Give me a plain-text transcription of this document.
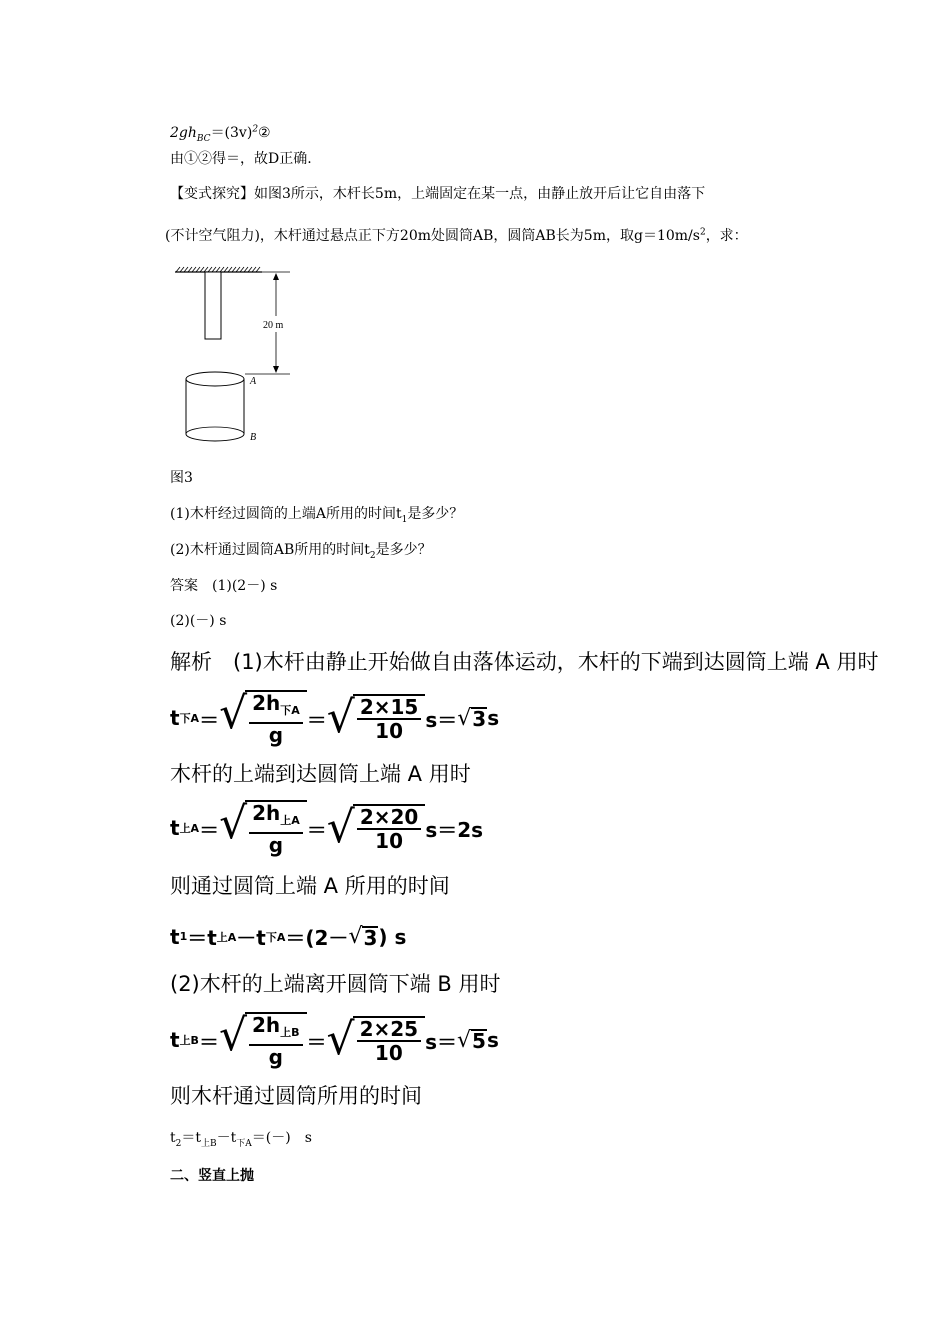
$2gh_{BC}=(3v)^2②$
由①②得＝，故D正确.
【变式探究】如图3所示，木杆长5m，上端固定在某一点，由静止放开后让它自由落下
(不计空气阻力)，木杆通过悬点正下方20m处圆筒AB，圆筒AB长为5m，取$g=10m/s^2$，求：
20 m
A
B
图3
(1)木杆经过圆筒的上端A所用的时间$t_1$是多少？
(2)木杆通过圆筒AB所用的时间$t_2$是多少？
答案　(1)(2－) s
(2)(－) s
解析　(1)木杆由静止开始做自由落体运动，木杆的下端到达圆筒上端 A 用时
t 下A ＝ √ $\frac{2h_{下A}}{g}$ ＝ √ $\frac{2\times 15}{10} s=$ √ 3 s
木杆的上端到达圆筒上端 A 用时
t 上A ＝ √ $\frac{2h_{上A}}{g}$ ＝ √ $\frac{2\times 20}{10} s=2s$
则通过圆筒上端 A 所用的时间
t 1 ＝t 上A －t 下A ＝(2－ √ 3 ) s
(2)木杆的上端离开圆筒下端 B 用时
t 上B ＝ √ $\frac{2h_{上B}}{g}$ ＝ √ $\frac{2\times 25}{10} s=$ √ 5 s
则木杆通过圆筒所用的时间
$t_2=t_{上B}-t_{下A}=(-)$　s
二、竖直上抛
